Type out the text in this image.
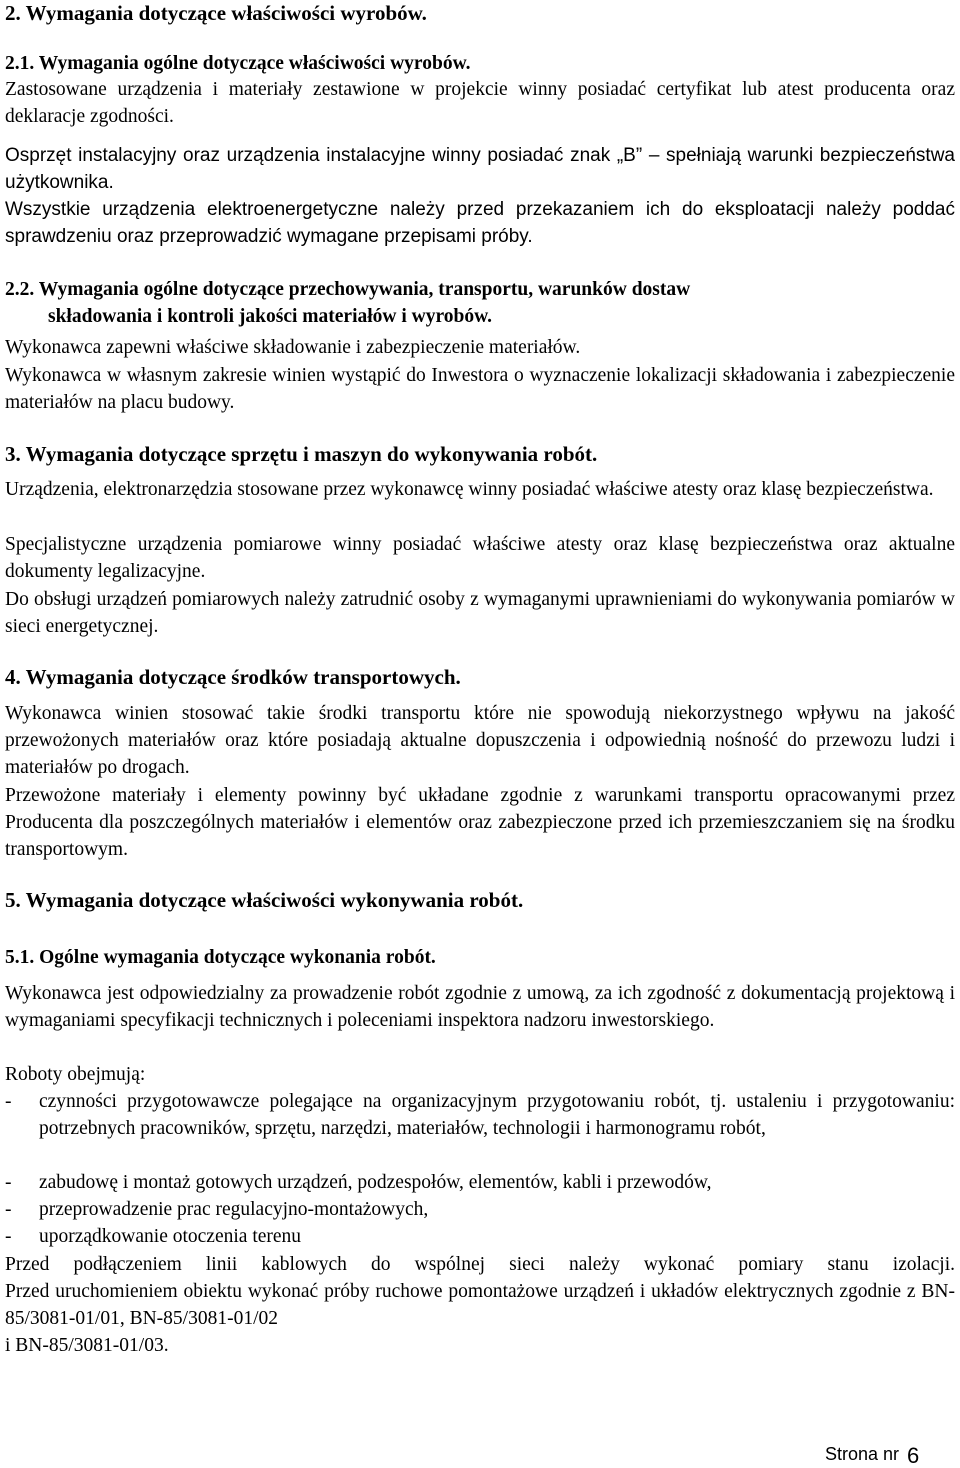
2. Wymagania dotyczące właściwości wyrobów.
2.1. Wymagania ogólne dotyczące właściwości wyrobów.

Zastosowane urządzenia i materiały zestawione w projekcie winny posiadać certyfikat lub atest producenta oraz deklaracje zgodności.

Osprzęt instalacyjny oraz urządzenia instalacyjne winny posiadać znak „B” – spełniają warunki bezpieczeństwa użytkownika.

Wszystkie urządzenia elektroenergetyczne należy przed przekazaniem ich do eksploatacji należy poddać sprawdzeniu oraz przeprowadzić wymagane przepisami próby.

2.2. Wymagania ogólne dotyczące przechowywania, transportu, warunków dostaw
składowania i kontroli jakości materiałów i wyrobów.

Wykonawca zapewni właściwe składowanie i zabezpieczenie materiałów.

Wykonawca w własnym zakresie winien wystąpić do Inwestora o wyznaczenie lokalizacji składowania i zabezpieczenie materiałów na placu budowy.

3. Wymagania dotyczące sprzętu i maszyn do wykonywania robót.

Urządzenia, elektronarzędzia stosowane przez wykonawcę winny posiadać właściwe atesty oraz klasę bezpieczeństwa.

Specjalistyczne urządzenia pomiarowe winny posiadać właściwe atesty oraz klasę bezpieczeństwa oraz aktualne dokumenty legalizacyjne.

Do obsługi urządzeń pomiarowych należy zatrudnić osoby z wymaganymi uprawnieniami do wykonywania pomiarów w sieci energetycznej.

4. Wymagania dotyczące środków transportowych.

Wykonawca winien stosować takie środki transportu które nie spowodują niekorzystnego wpływu na jakość przewożonych materiałów oraz które posiadają aktualne dopuszczenia i odpowiednią nośność do przewozu ludzi i materiałów po drogach.

Przewożone materiały i elementy powinny być układane zgodnie z warunkami transportu opracowanymi przez Producenta dla poszczególnych materiałów i elementów oraz zabezpieczone przed ich przemieszczaniem się na środku transportowym.

5. Wymagania dotyczące właściwości wykonywania robót.
5.1. Ogólne wymagania dotyczące wykonania robót.

Wykonawca jest odpowiedzialny za prowadzenie robót zgodnie z umową, za ich zgodność z dokumentacją projektową i wymaganiami specyfikacji technicznych i poleceniami inspektora nadzoru inwestorskiego.

Roboty obejmują:
- czynności przygotowawcze polegające na organizacyjnym przygotowaniu robót, tj. ustaleniu i przygotowaniu: potrzebnych pracowników, sprzętu, narzędzi, materiałów, technologii i harmonogramu robót,
- zabudowę i montaż gotowych urządzeń, podzespołów, elementów, kabli i przewodów,
- przeprowadzenie prac regulacyjno-montażowych,
- uporządkowanie otoczenia terenu
Przed podłączeniem linii kablowych do wspólnej sieci należy wykonać pomiary stanu izolacji.

Przed uruchomieniem obiektu wykonać próby ruchowe pomontażowe urządzeń i układów elektrycznych zgodnie z BN-85/3081-01/01, BN-85/3081-01/02

i BN-85/3081-01/03.
Strona nr 6
